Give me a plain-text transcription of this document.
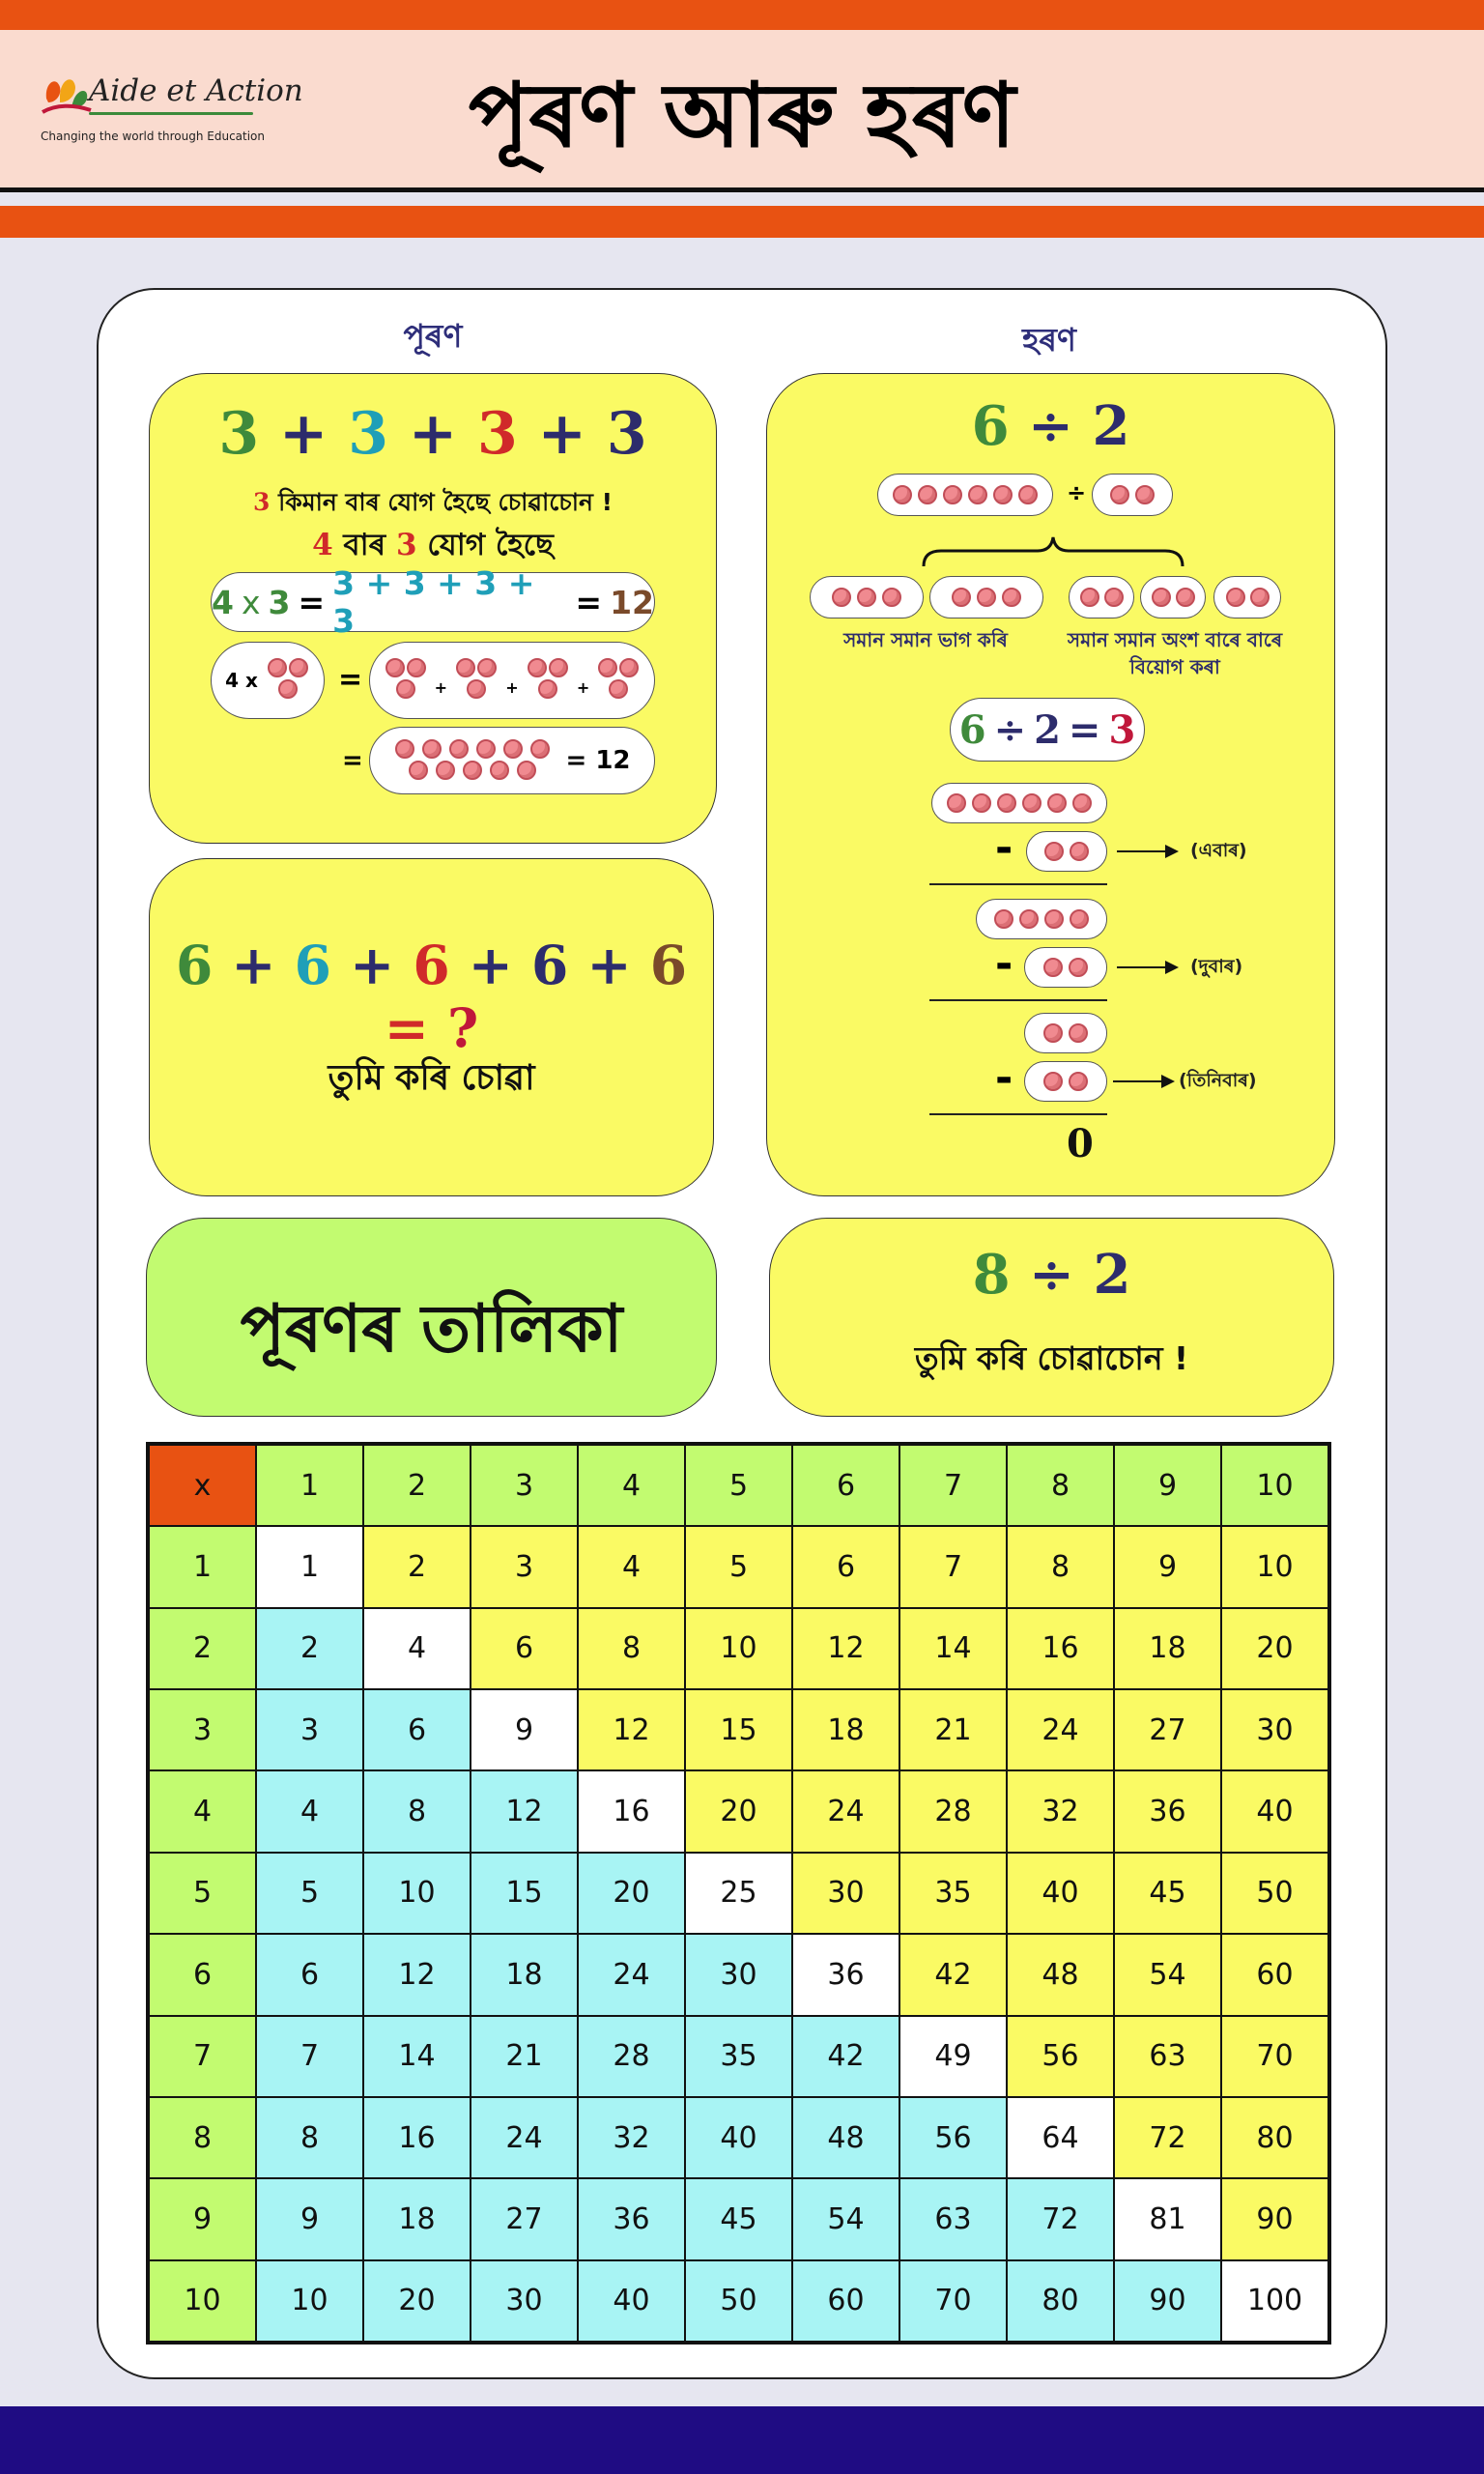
Aide et Action
Changing the world through Education	পূৰণ আৰু হৰণ
পূৰণ	হৰণ
3 + 3 + 3 + 3
3 কিমান বাৰ যোগ হৈছে চোৱাচোন !
4 বাৰ 3 যোগ হৈছে
4 x 3 = 3 + 3 + 3 + 3	= 12
4 x	=	+	+	+
=	= 12
6 + 6 + 6 + 6 + 6 = ?
তুমি কৰি চোৱা
6 ÷ 2
÷
সমান সমান ভাগ কৰি	সমান সমান অংশ বাৰে বাৰে বিয়োগ কৰা
6 ÷ 2 = 3
-	(এবাৰ)
-	(দুবাৰ)
-	(তিনিবাৰ)
0
পূৰণৰ তালিকা
8 ÷ 2
তুমি কৰি চোৱাচোন !
x	1	2	3	4	5	6	7	8	9	10
1	1	2	3	4	5	6	7	8	9	10
2	2	4	6	8	10	12	14	16	18	20
3	3	6	9	12	15	18	21	24	27	30
4	4	8	12	16	20	24	28	32	36	40
5	5	10	15	20	25	30	35	40	45	50
6	6	12	18	24	30	36	42	48	54	60
7	7	14	21	28	35	42	49	56	63	70
8	8	16	24	32	40	48	56	64	72	80
9	9	18	27	36	45	54	63	72	81	90
10	10	20	30	40	50	60	70	80	90	100
